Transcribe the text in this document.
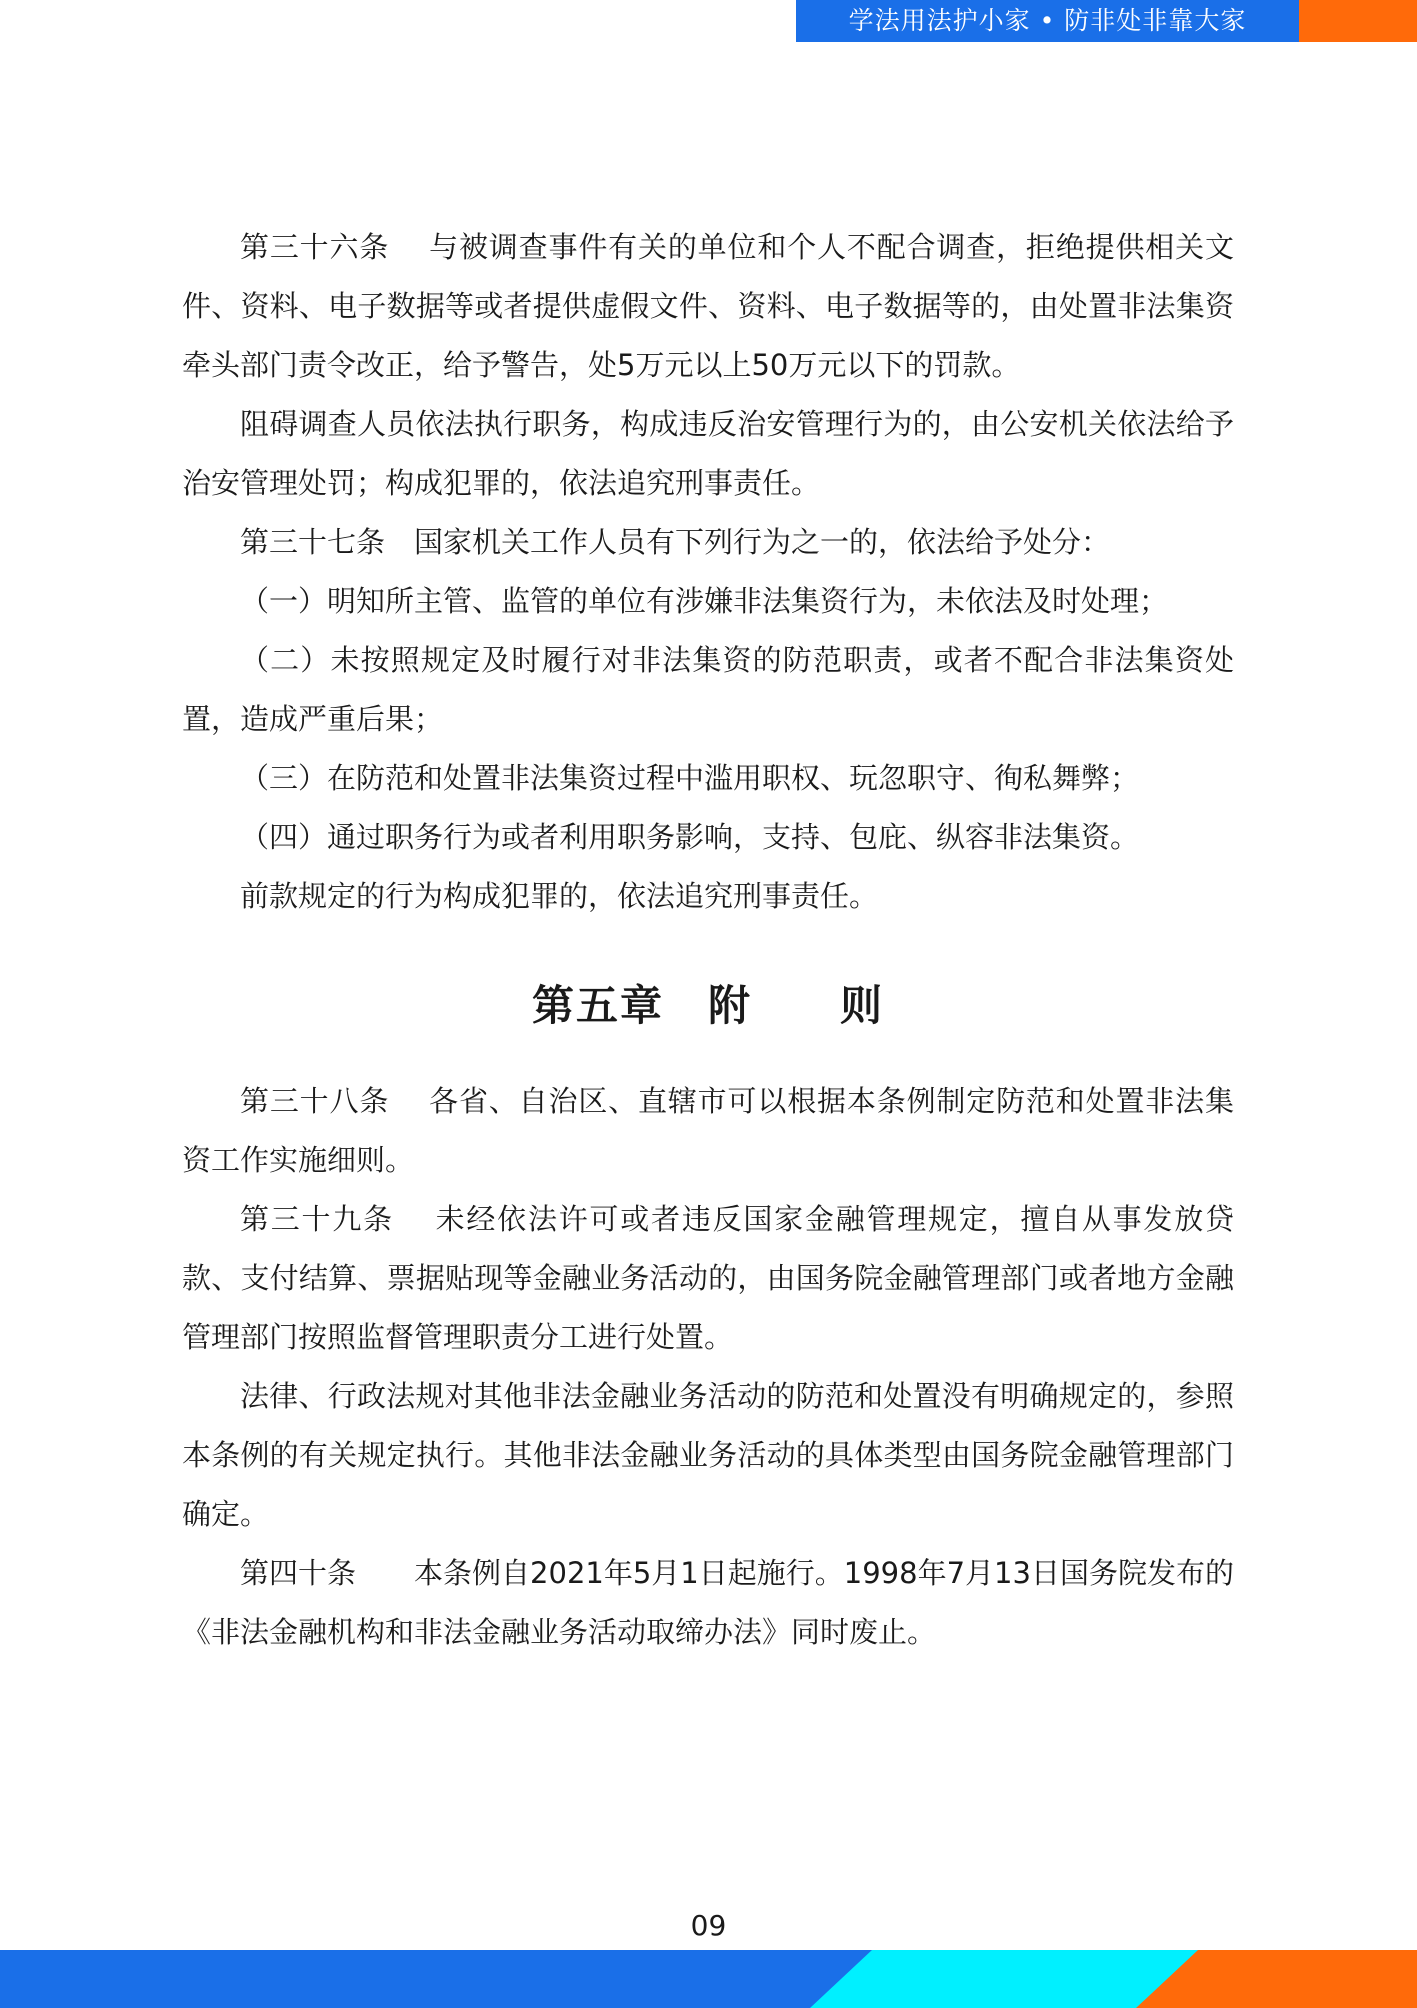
学法用法护小家 • 防非处非靠大家

第三十六条　 与被调查事件有关的单位和个人不配合调查，拒绝提供相关文件、资料、电子数据等或者提供虚假文件、资料、电子数据等的，由处置非法集资牵头部门责令改正，给予警告，处5万元以上50万元以下的罚款。

阻碍调查人员依法执行职务，构成违反治安管理行为的，由公安机关依法给予治安管理处罚；构成犯罪的，依法追究刑事责任。

第三十七条　国家机关工作人员有下列行为之一的，依法给予处分：

（一）明知所主管、监管的单位有涉嫌非法集资行为，未依法及时处理；

（二）未按照规定及时履行对非法集资的防范职责，或者不配合非法集资处置，造成严重后果；

（三）在防范和处置非法集资过程中滥用职权、玩忽职守、徇私舞弊；

（四）通过职务行为或者利用职务影响，支持、包庇、纵容非法集资。

前款规定的行为构成犯罪的，依法追究刑事责任。

第五章　附　　则

第三十八条　 各省、自治区、直辖市可以根据本条例制定防范和处置非法集资工作实施细则。

第三十九条　 未经依法许可或者违反国家金融管理规定，擅自从事发放贷款、支付结算、票据贴现等金融业务活动的，由国务院金融管理部门或者地方金融管理部门按照监督管理职责分工进行处置。

法律、行政法规对其他非法金融业务活动的防范和处置没有明确规定的，参照本条例的有关规定执行。其他非法金融业务活动的具体类型由国务院金融管理部门确定。

第四十条　　本条例自2021年5月1日起施行。1998年7月13日国务院发布的《非法金融机构和非法金融业务活动取缔办法》同时废止。

09
